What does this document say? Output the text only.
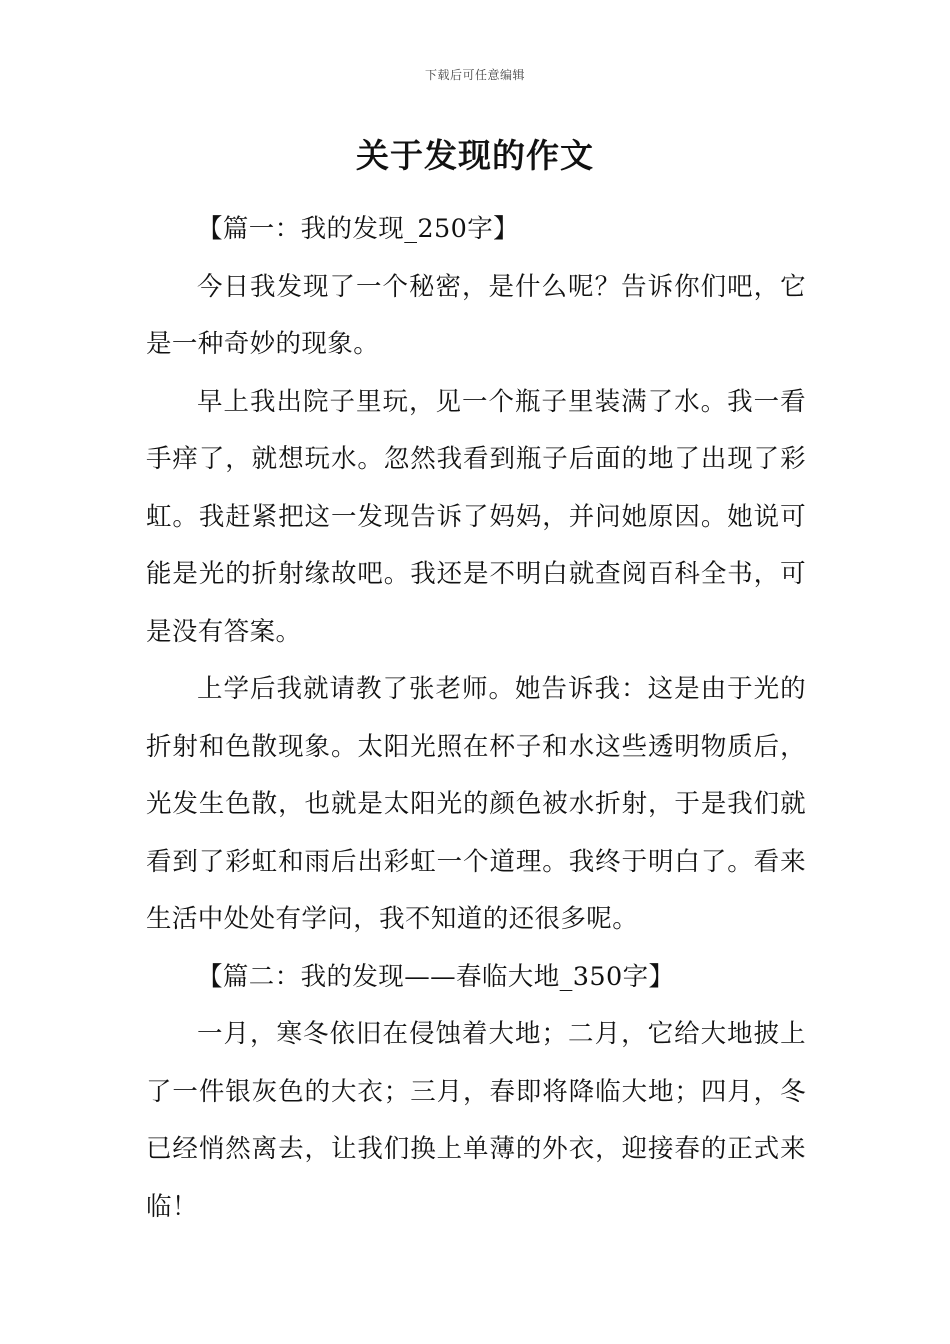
下载后可任意编辑
关于发现的作文

【篇一：我的发现_250字】

今日我发现了一个秘密，是什么呢？告诉你们吧，它是一种奇妙的现象。

早上我出院子里玩，见一个瓶子里装满了水。我一看手痒了，就想玩水。忽然我看到瓶子后面的地了出现了彩虹。我赶紧把这一发现告诉了妈妈，并问她原因。她说可能是光的折射缘故吧。我还是不明白就查阅百科全书，可是没有答案。

上学后我就请教了张老师。她告诉我：这是由于光的折射和色散现象。太阳光照在杯子和水这些透明物质后，光发生色散，也就是太阳光的颜色被水折射，于是我们就看到了彩虹和雨后出彩虹一个道理。我终于明白了。看来生活中处处有学问，我不知道的还很多呢。

【篇二：我的发现——春临大地_350字】

一月，寒冬依旧在侵蚀着大地；二月，它给大地披上了一件银灰色的大衣；三月，春即将降临大地；四月，冬已经悄然离去，让我们换上单薄的外衣，迎接春的正式来临！
